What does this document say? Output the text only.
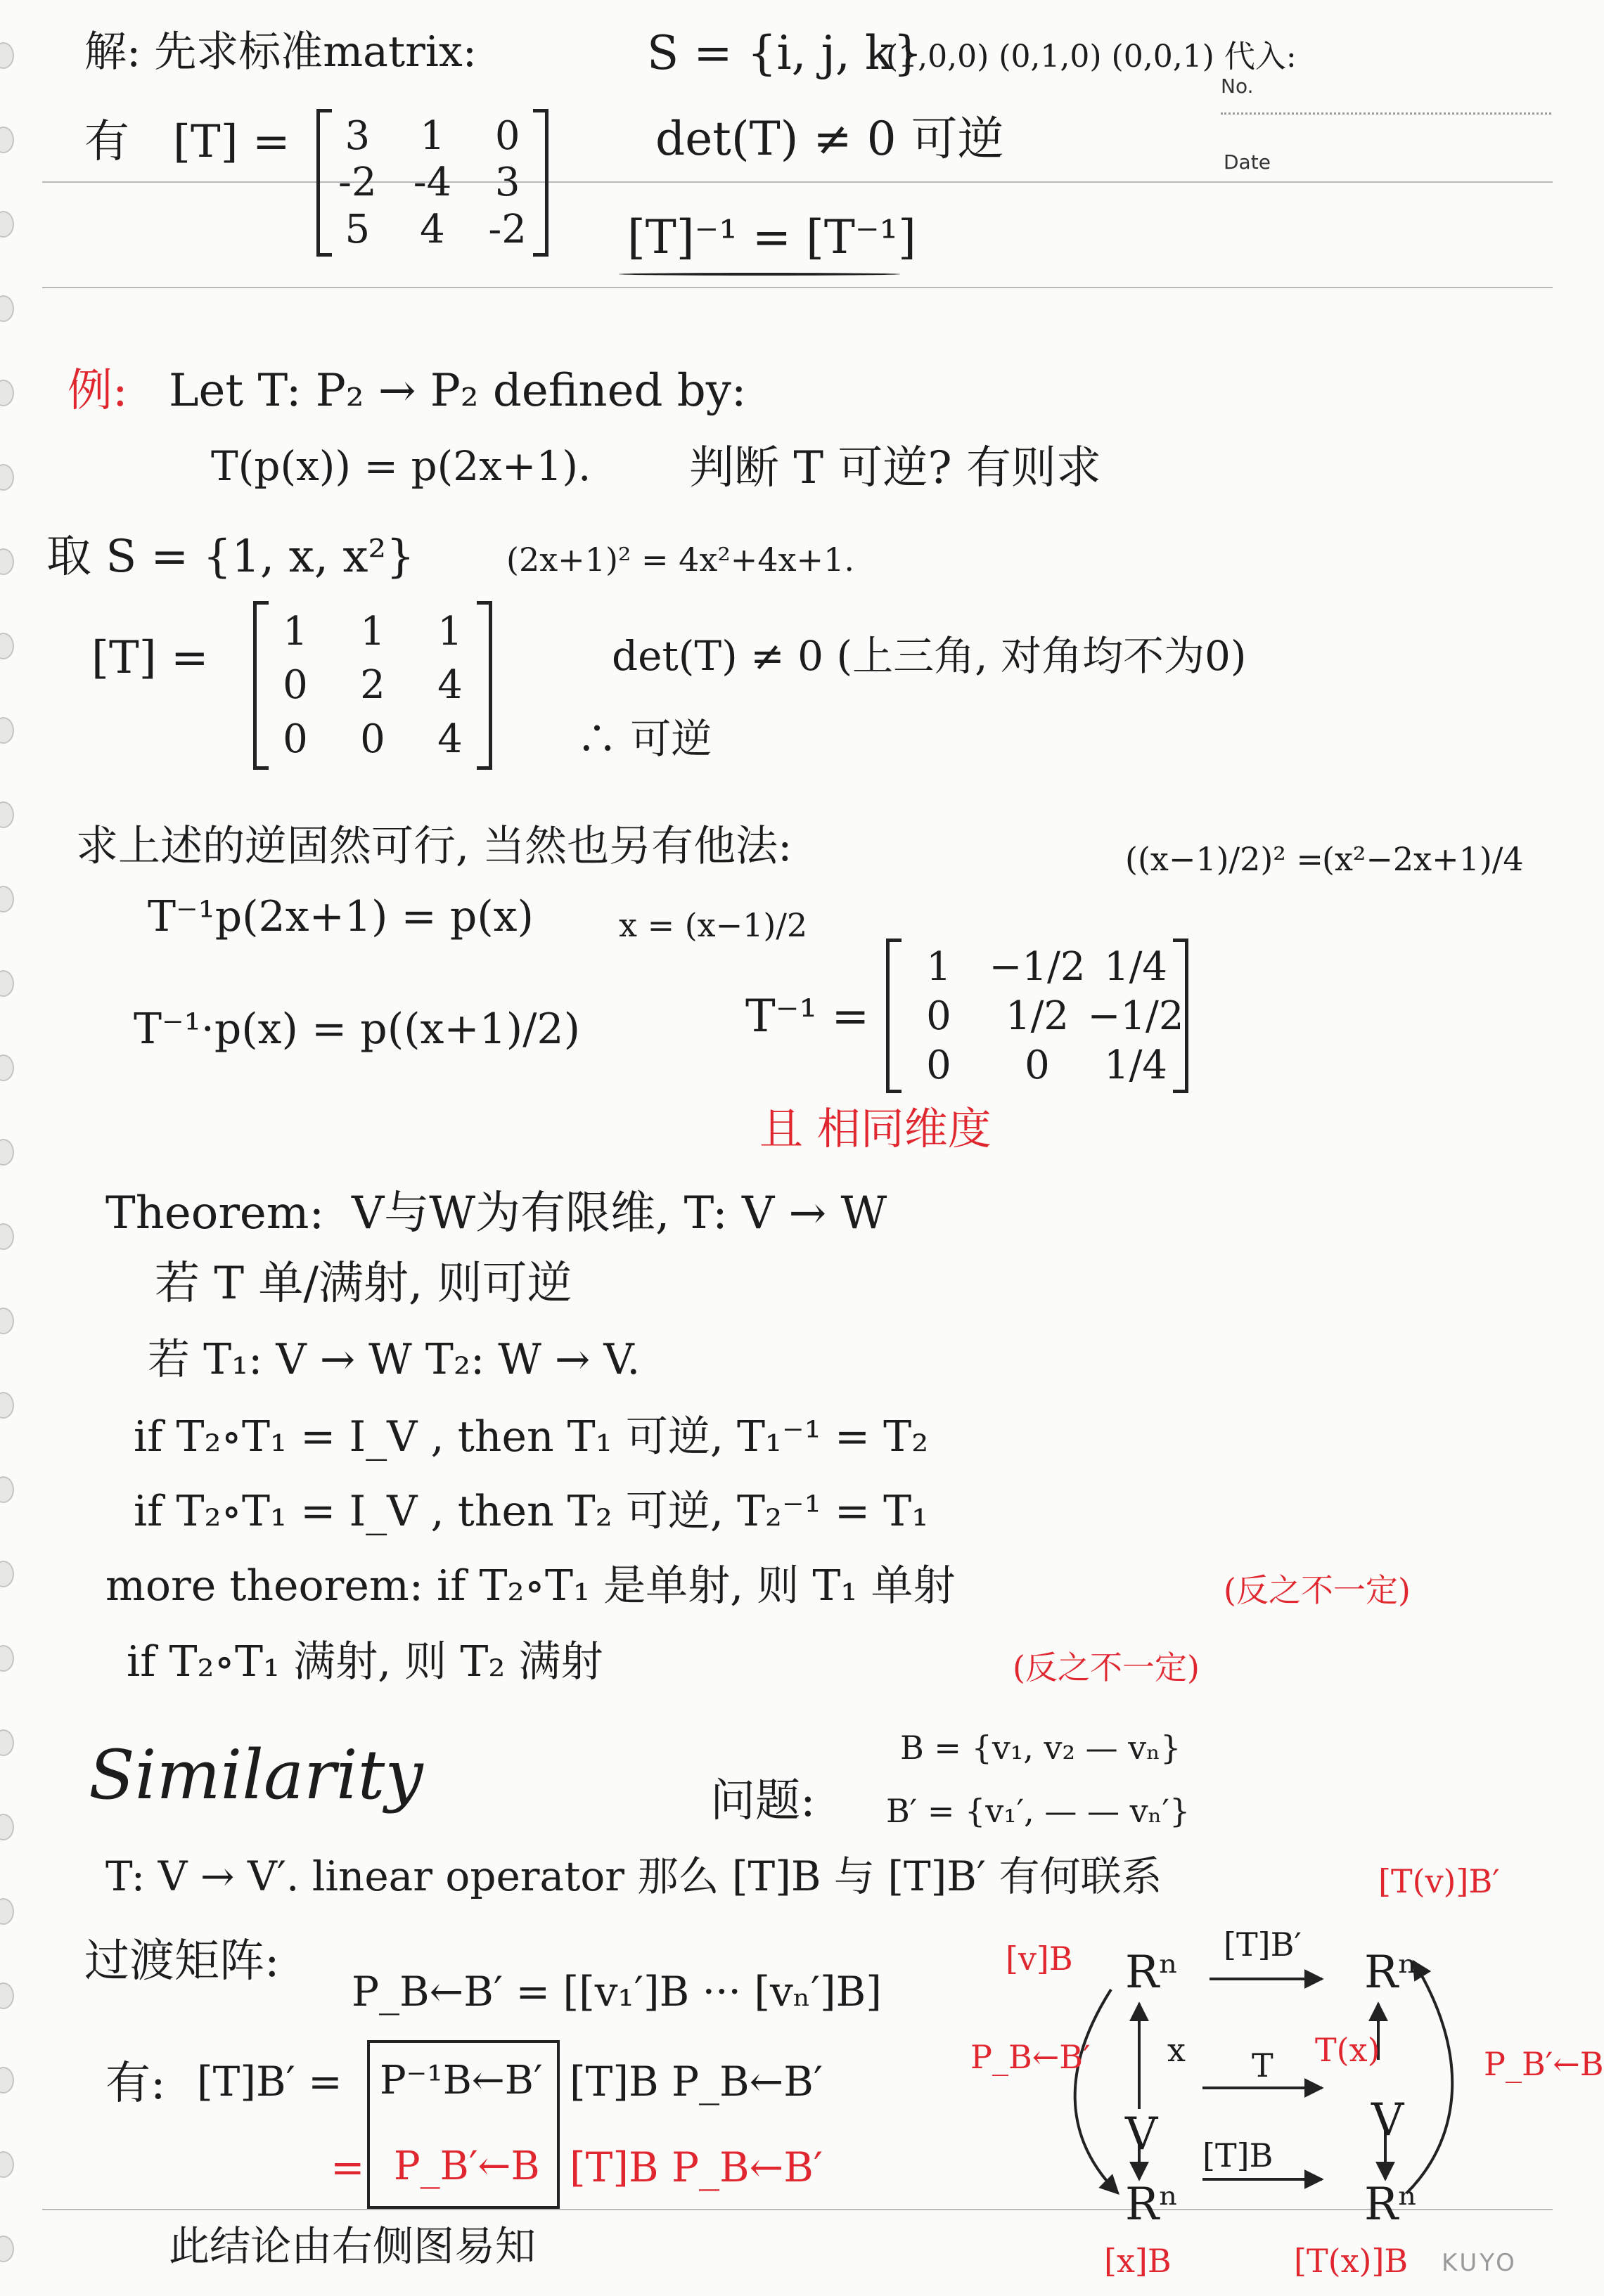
No.
Date
解: 先求标准matrix:	S = {i, j, k}
(1,0,0) (0,1,0) (0,0,1) 代入:
有 [T] =	3	1	0
-2 -4	3
5	4	-2
det(T) ≠ 0 可逆
[T]⁻¹ = [T⁻¹]
例: Let T: P₂ → P₂ defined by:
T(p(x)) = p(2x+1). 判断 T 可逆? 有则求
取 S = {1, x, x²}	(2x+1)² = 4x²+4x+1.
[T] =
1	1	1
0	2	4
0	0	4
det(T) ≠ 0 (上三角, 对角均不为0)
∴ 可逆
求上述的逆固然可行, 当然也另有他法:	((x−1)/2)² =
(x²−2x+1)/4
T⁻¹p(2x+1) = p(x)	x = (x−1)/2
T⁻¹·p(x) = p((x+1)/2)	T⁻¹ =
1 −1/2 1/4
0	1/2 −1/2
0	0	1/4
且 相同维度
Theorem: V与W为有限维, T: V → W
若 T 单/满射, 则可逆
若 T₁: V → W T₂: W → V.
if T₂∘T₁ = I_V , then T₁ 可逆, T₁⁻¹ = T₂
if T₂∘T₁ = I_V , then T₂ 可逆, T₂⁻¹ = T₁
more theorem: if T₂∘T₁ 是单射, 则 T₁ 单射	(反之不一定)
if T₂∘T₁ 满射, 则 T₂ 满射	(反之不一定)
Similarity	问题:
B = {v₁, v₂ — vₙ}
B′ = {v₁′, — — vₙ′}
T: V → V′. linear operator 那么 [T]B 与 [T]B′ 有何联系	[T(v)]B′
过渡矩阵:
P_B←B′ = [[v₁′]B ··· [vₙ′]B]
有: [T]B′ = P⁻¹B←B′ [T]B P_B←B′
= P_B′←B [T]B P_B←B′
此结论由右侧图易知
[v]B Rⁿ
[T]B′
Rⁿ
P_B←B′ x T T(x)	P_B′←B
V	V
Rⁿ
[T]B
Rⁿ
[x]B	[T(x)]B KUYO
